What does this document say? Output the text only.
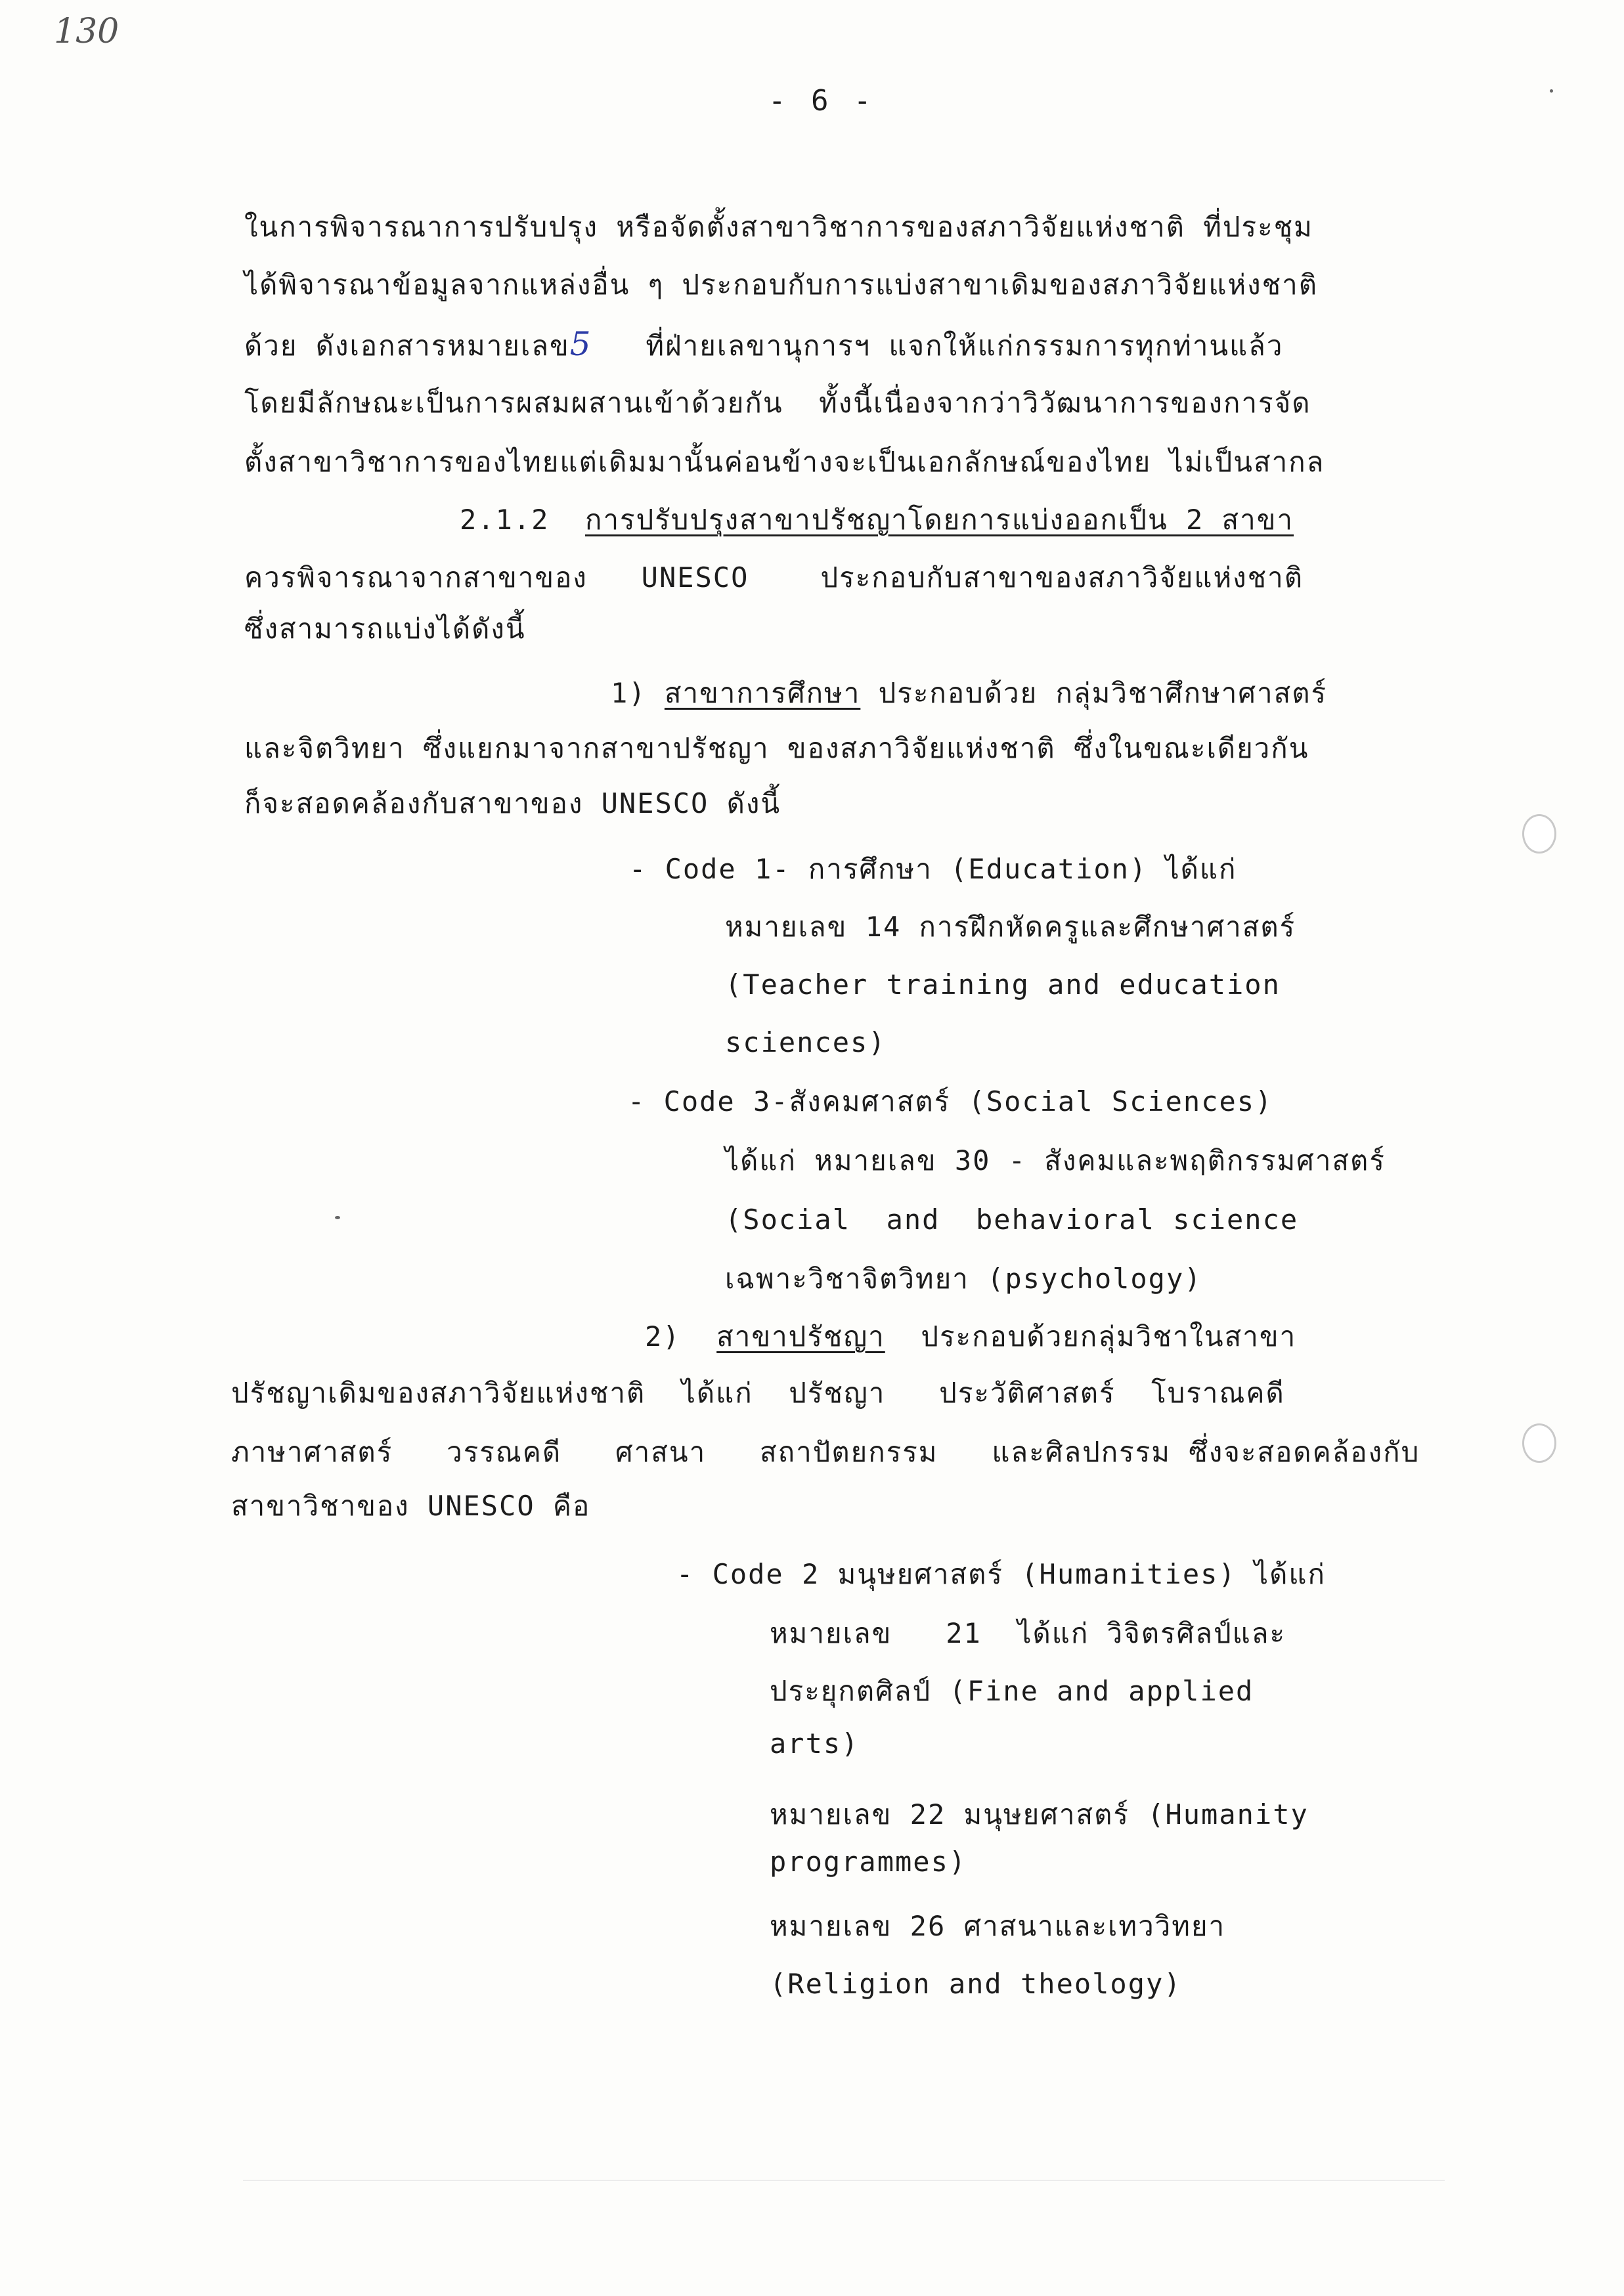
130
- 6 -
ในการพิจารณาการปรับปรุง หรือจัดตั้งสาขาวิชาการของสภาวิจัยแห่งชาติ ที่ประชุม
ได้พิจารณาข้อมูลจากแหล่งอื่น ๆ ประกอบกับการแบ่งสาขาเดิมของสภาวิจัยแห่งชาติ
ด้วย ดังเอกสารหมายเลข5 ที่ฝ่ายเลขานุการฯ แจกให้แก่กรรมการทุกท่านแล้ว
โดยมีลักษณะเป็นการผสมผสานเข้าด้วยกัน  ทั้งนี้เนื่องจากว่าวิวัฒนาการของการจัด
ตั้งสาขาวิชาการของไทยแต่เดิมมานั้นค่อนข้างจะเป็นเอกลักษณ์ของไทย ไม่เป็นสากล
2.1.2 การปรับปรุงสาขาปรัชญาโดยการแบ่งออกเป็น 2 สาขา
ควรพิจารณาจากสาขาของ   UNESCO    ประกอบกับสาขาของสภาวิจัยแห่งชาติ
ซึ่งสามารถแบ่งได้ดังนี้
1) สาขาการศึกษา ประกอบด้วย กลุ่มวิชาศึกษาศาสตร์
และจิตวิทยา ซึ่งแยกมาจากสาขาปรัชญา ของสภาวิจัยแห่งชาติ ซึ่งในขณะเดียวกัน
ก็จะสอดคล้องกับสาขาของ UNESCO ดังนี้
- Code 1- การศึกษา (Education) ได้แก่
หมายเลข 14 การฝึกหัดครูและศึกษาศาสตร์
(Teacher training and education
sciences)
- Code 3-สังคมศาสตร์ (Social Sciences)
ได้แก่ หมายเลข 30 - สังคมและพฤติกรรมศาสตร์
(Social  and  behavioral science
เฉพาะวิชาจิตวิทยา (psychology)
2) สาขาปรัชญา  ประกอบด้วยกลุ่มวิชาในสาขา
ปรัชญาเดิมของสภาวิจัยแห่งชาติ  ได้แก่  ปรัชญา   ประวัติศาสตร์  โบราณคดี
ภาษาศาสตร์   วรรณคดี   ศาสนา   สถาปัตยกรรม   และศิลปกรรม ซึ่งจะสอดคล้องกับ
สาขาวิชาของ UNESCO คือ
- Code 2 มนุษยศาสตร์ (Humanities) ได้แก่
หมายเลข   21  ได้แก่ วิจิตรศิลป์และ
ประยุกตศิลป์ (Fine and applied
arts)
หมายเลข 22 มนุษยศาสตร์ (Humanity
programmes)
หมายเลข 26 ศาสนาและเทววิทยา
(Religion and theology)
